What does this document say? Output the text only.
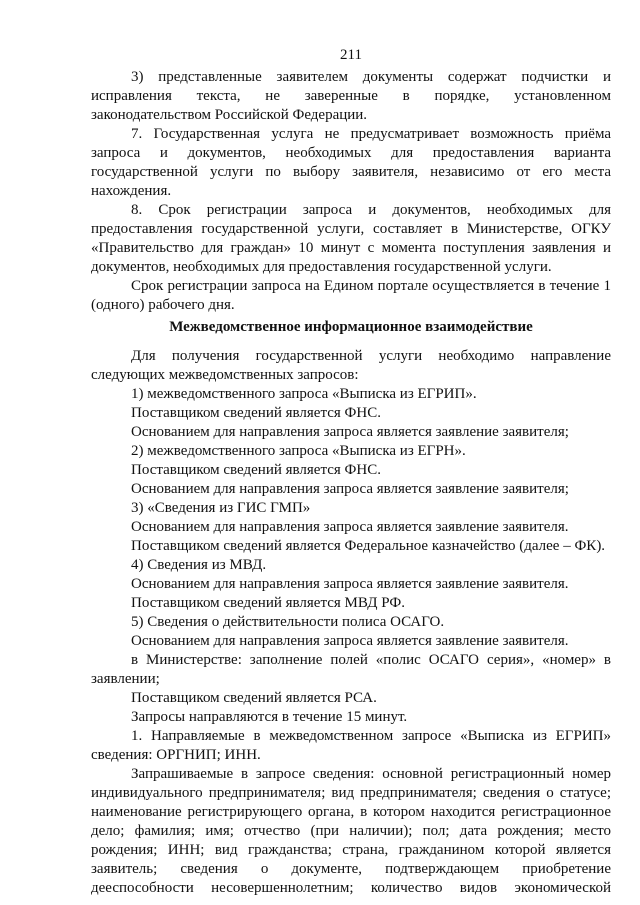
211
3) представленные заявителем документы содержат подчистки и
исправления текста, не заверенные в порядке, установленном
законодательством Российской Федерации.
7. Государственная услуга не предусматривает возможность приёма
запроса и документов, необходимых для предоставления варианта
государственной услуги по выбору заявителя, независимо от его места
нахождения.
8. Срок регистрации запроса и документов, необходимых для
предоставления государственной услуги, составляет в Министерстве, ОГКУ
«Правительство для граждан» 10 минут с момента поступления заявления и
документов, необходимых для предоставления государственной услуги.
Срок регистрации запроса на Едином портале осуществляется в течение 1
(одного) рабочего дня.
Межведомственное информационное взаимодействие
Для получения государственной услуги необходимо направление
следующих межведомственных запросов:
1) межведомственного запроса «Выписка из ЕГРИП».
Поставщиком сведений является ФНС.
Основанием для направления запроса является заявление заявителя;
2) межведомственного запроса «Выписка из ЕГРН».
Поставщиком сведений является ФНС.
Основанием для направления запроса является заявление заявителя;
3) «Сведения из ГИС ГМП»
Основанием для направления запроса является заявление заявителя.
Поставщиком сведений является Федеральное казначейство (далее – ФК).
4) Сведения из МВД.
Основанием для направления запроса является заявление заявителя.
Поставщиком сведений является МВД РФ.
5) Сведения о действительности полиса ОСАГО.
Основанием для направления запроса является заявление заявителя.
в Министерстве: заполнение полей «полис ОСАГО серия», «номер» в
заявлении;
Поставщиком сведений является РСА.
Запросы направляются в течение 15 минут.
1. Направляемые в межведомственном запросе «Выписка из ЕГРИП»
сведения: ОРГНИП; ИНН.
Запрашиваемые в запросе сведения: основной регистрационный номер
индивидуального предпринимателя; вид предпринимателя; сведения о статусе;
наименование регистрирующего органа, в котором находится регистрационное
дело; фамилия; имя; отчество (при наличии); пол; дата рождения; место
рождения; ИНН; вид гражданства; страна, гражданином которой является
заявитель; сведения о документе, подтверждающем приобретение
дееспособности несовершеннолетним; количество видов экономической
